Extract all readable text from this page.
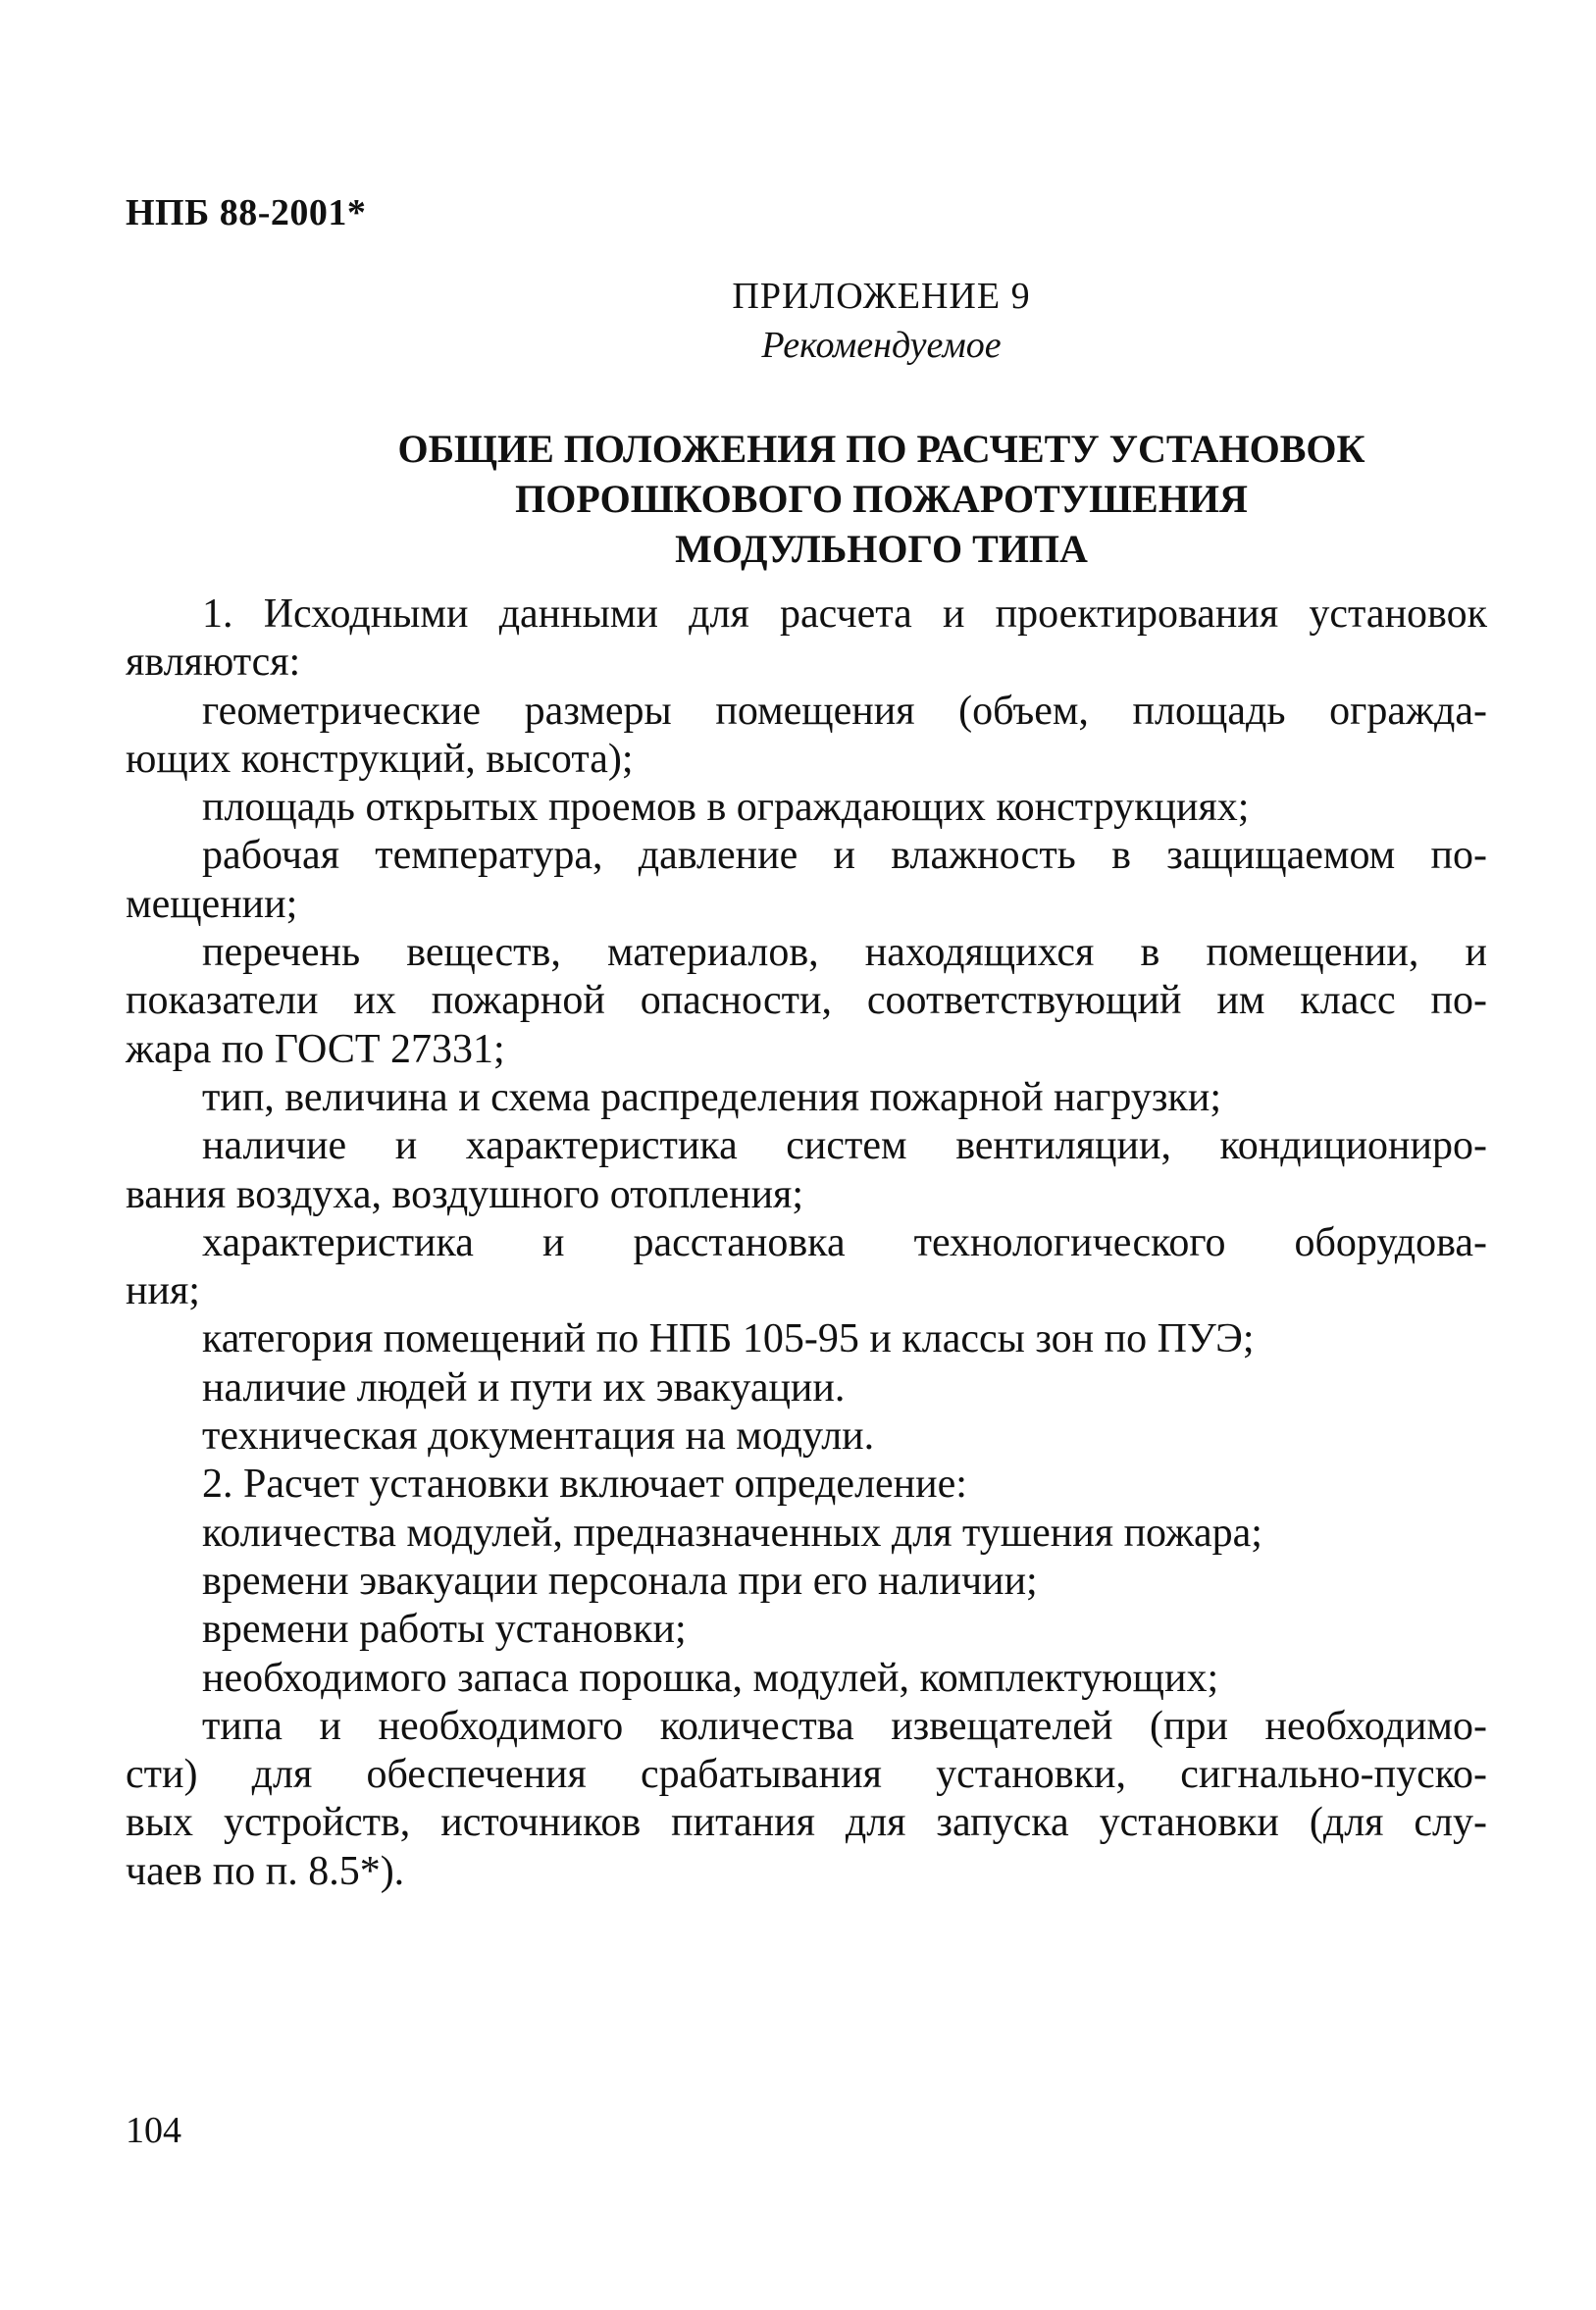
НПБ 88-2001*
ПРИЛОЖЕНИЕ 9
Рекомендуемое
ОБЩИЕ ПОЛОЖЕНИЯ ПО РАСЧЕТУ УСТАНОВОК
ПОРОШКОВОГО ПОЖАРОТУШЕНИЯ
МОДУЛЬНОГО ТИПА
1. Исходными данными для расчета и проектирования установок
являются:
геометрические размеры помещения (объем, площадь огражда-
ющих конструкций, высота);
площадь открытых проемов в ограждающих конструкциях;
рабочая температура, давление и влажность в защищаемом по-
мещении;
перечень веществ, материалов, находящихся в помещении, и
показатели их пожарной опасности, соответствующий им класс по-
жара по ГОСТ 27331;
тип, величина и схема распределения пожарной нагрузки;
наличие и характеристика систем вентиляции, кондициониро-
вания воздуха, воздушного отопления;
характеристика и расстановка технологического оборудова-
ния;
категория помещений по НПБ 105-95 и классы зон по ПУЭ;
наличие людей и пути их эвакуации.
техническая документация на модули.
2. Расчет установки включает определение:
количества модулей, предназначенных для тушения пожара;
времени эвакуации персонала при его наличии;
времени работы установки;
необходимого запаса порошка, модулей, комплектующих;
типа и необходимого количества извещателей (при необходимо-
сти) для обеспечения срабатывания установки, сигнально-пуско-
вых устройств, источников питания для запуска установки (для слу-
чаев по п. 8.5*).
104
